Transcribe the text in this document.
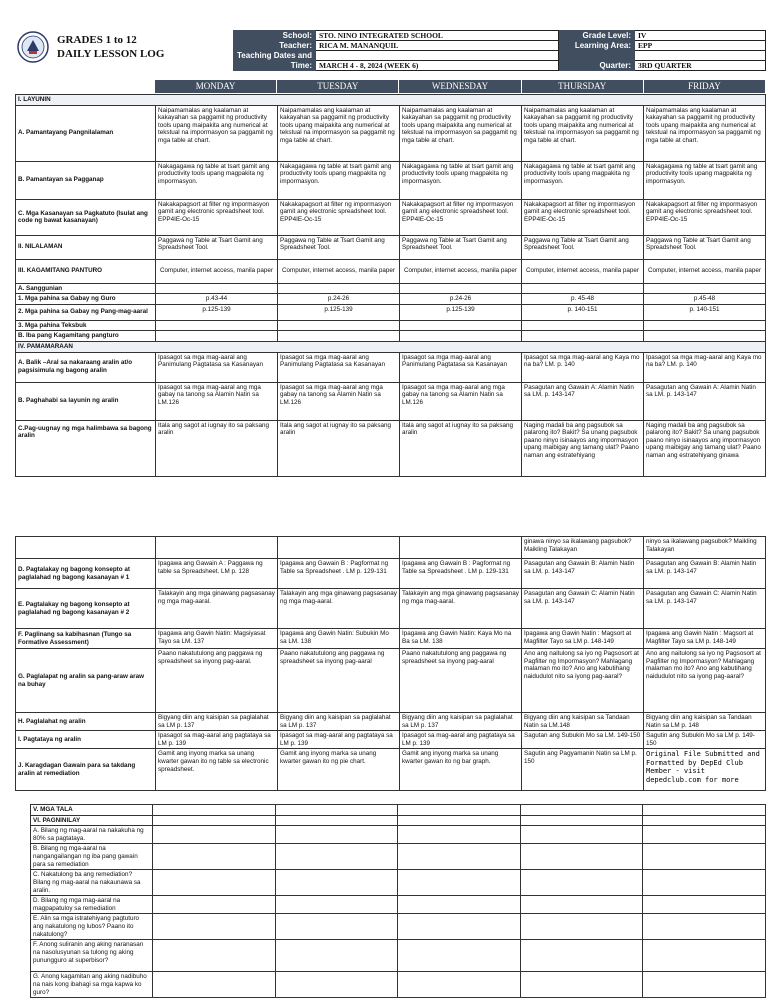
GRADES 1 to 12
DAILY LESSON LOG
School:	STO. NINO INTEGRATED SCHOOL
Teacher:	RICA M. MANANQUIL
Teaching Dates and	
Time:	MARCH 4 - 8, 2024 (WEEK 6)
Grade Level:	IV
Learning Area:	EPP

Quarter:	3RD QUARTER
MONDAY	TUESDAY	WEDNESDAY	THURSDAY	FRIDAY
I. LAYUNIN					
A. Pamantayang Pangnilalaman	Naipamamalas ang kaalaman at kakayahan sa paggamit ng productivity tools upang maipakita ang numerical at tekstual na impormasyon sa paggamit ng mga table at chart.	Naipamamalas ang kaalaman at kakayahan sa paggamit ng productivity tools upang maipakita ang numerical at tekstual na impormasyon sa paggamit ng mga table at chart.	Naipamamalas ang kaalaman at kakayahan sa paggamit ng productivity tools upang maipakita ang numerical at tekstual na impormasyon sa paggamit ng mga table at chart.	Naipamamalas ang kaalaman at kakayahan sa paggamit ng productivity tools upang maipakita ang numerical at tekstual na impormasyon sa paggamit ng mga table at chart.	Naipamamalas ang kaalaman at kakayahan sa paggamit ng productivity tools upang maipakita ang numerical at tekstual na impormasyon sa paggamit ng mga table at chart.
B. Pamantayan sa Pagganap	Nakagagawa ng table at tsart gamit ang productivity tools upang magpakita ng impormasyon.	Nakagagawa ng table at tsart gamit ang productivity tools upang magpakita ng impormasyon.	Nakagagawa ng table at tsart gamit ang productivity tools upang magpakita ng impormasyon.	Nakagagawa ng table at tsart gamit ang productivity tools upang magpakita ng impormasyon.	Nakagagawa ng table at tsart gamit ang productivity tools upang magpakita ng impormasyon.
C. Mga Kasanayan sa Pagkatuto (Isulat ang code ng bawat kasanayan)	Nakakapagsort at filter ng impormasyon gamit ang electronic spreadsheet tool. EPP4IE-Oc-15	Nakakapagsort at filter ng impormasyon gamit ang electronic spreadsheet tool. EPP4IE-Oc-15	Nakakapagsort at filter ng impormasyon gamit ang electronic spreadsheet tool. EPP4IE-Oc-15	Nakakapagsort at filter ng impormasyon gamit ang electronic spreadsheet tool. EPP4IE-Oc-15	Nakakapagsort at filter ng impormasyon gamit ang electronic spreadsheet tool. EPP4IE-Oc-15
II. NILALAMAN	Paggawa ng Table at Tsart Gamit ang Spreadsheet Tool.	Paggawa ng Table at Tsart Gamit ang Spreadsheet Tool.	Paggawa ng Table at Tsart Gamit ang Spreadsheet Tool.	Paggawa ng Table at Tsart Gamit ang Spreadsheet Tool.	Paggawa ng Table at Tsart Gamit ang Spreadsheet Tool.
III. KAGAMITANG PANTURO	Computer, internet access, manila paper	Computer, internet access, manila paper	Computer, internet access, manila paper	Computer, internet access, manila paper	Computer, internet access, manila paper
A. Sanggunian					
1. Mga pahina sa Gabay ng Guro	p.43-44	p.24-26	p.24-26	p. 45-48	p.45-48
2. Mga pahina sa Gabay ng Pang-mag-aaral	p.125-139	p.125-139	p.125-139	p. 140-151	p. 140-151
3. Mga pahina Teksbuk					
B. Iba pang Kagamitang pangturo					
IV. PAMAMARAAN					
A. Balik –Aral sa nakaraang aralin at/o pagsisimula ng bagong aralin	Ipasagot sa mga mag-aaral ang Panimulang Pagtatasa sa Kasanayan	Ipasagot sa mga mag-aaral ang Panimulang Pagtatasa sa Kasanayan	Ipasagot sa mga mag-aaral ang Panimulang Pagtatasa sa Kasanayan	Ipasagot sa mga mag-aaral ang Kaya mo na ba? LM. p. 140	Ipasagot sa mga mag-aaral ang Kaya mo na ba? LM. p. 140
B. Paghahabi sa layunin ng aralin	Ipasagot sa mga mag-aaral ang mga gabay na tanong sa Alamin Natin sa LM.126	Ipasagot sa mga mag-aaral ang mga gabay na tanong sa Alamin Natin sa LM.126	Ipasagot sa mga mag-aaral ang mga gabay na tanong sa Alamin Natin sa LM.126	Pasagutan ang Gawain A: Alamin Natin sa LM. p. 143-147	Pasagutan ang Gawain A: Alamin Natin sa LM. p. 143-147
C.Pag-uugnay ng mga halimbawa sa bagong aralin	Itala ang sagot at iugnay ito sa paksang aralin	Itala ang sagot at iugnay ito sa paksang aralin	Itala ang sagot at iugnay ito sa paksang aralin	Naging madali ba ang pagsubok sa palarong ito? Bakit? Sa unang pagsubok paano ninyo isinaayos ang impormasyon upang maibigay ang tamang ulat? Paano naman ang estratehiyang	Naging madali ba ang pagsubok sa palarong ito? Bakit? Sa unang pagsubok paano ninyo isinaayos ang impormasyon upang maibigay ang tamang ulat? Paano naman ang estratehiyang ginawa
				ginawa ninyo sa ikalawang pagsubok? Maikling Talakayan	ninyo sa ikalawang pagsubok? Maikling Talakayan
D. Pagtalakay ng bagong konsepto at paglalahad ng bagong kasanayan # 1	Ipagawa ang Gawain A : Paggawa ng table sa Spreadsheet. LM p. 128	Ipagawa ang Gawain B : Pagformat ng Table sa Spreadsheet . LM p. 129-131	Ipagawa ang Gawain B : Pagformat ng Table sa Spreadsheet . LM p. 129-131	Pasagutan ang Gawain B: Alamin Natin sa LM. p. 143-147	Pasagutan ang Gawain B: Alamin Natin sa LM. p. 143-147
E. Pagtalakay ng bagong konsepto at paglalahad ng bagong kasanayan # 2	Talakayin ang mga ginawang pagsasanay ng mga mag-aaral.	Talakayin ang mga ginawang pagsasanay ng mga mag-aaral.	Talakayin ang mga ginawang pagsasanay ng mga mag-aaral.	Pasagutan ang Gawain C: Alamin Natin sa LM. p. 143-147	Pasagutan ang Gawain C: Alamin Natin sa LM. p. 143-147
F. Paglinang sa kabihasnan (Tungo sa Formative Assessment)	Ipagawa ang Gawin Natin: Magsiyasat Tayo sa LM. 137	Ipagawa ang Gawin Natin: Subukin Mo sa LM. 138	Ipagawa ang Gawin Natin: Kaya Mo na Ba sa LM. 138	Ipagawa ang Gawin Natin : Magsort at Magfilter Tayo sa LM p. 148-149	Ipagawa ang Gawin Natin : Magsort at Magfilter Tayo sa LM p. 148-149
G. Paglalapat ng aralin sa pang-araw araw na buhay	Paano nakatutulong ang paggawa ng spreadsheet sa inyong pag-aaral.	Paano nakatutulong ang paggawa ng spreadsheet sa inyong pag-aaral	Paano nakatutulong ang paggawa ng spreadsheet sa inyong pag-aaral	Ano ang naitulong sa iyo ng Pagsosort at Pagfilter ng Impormasyon? Mahlagang malaman mo ito? Ano ang kabutihang naidudulot nito sa iyong pag-aaral?	Ano ang naitulong sa iyo ng Pagsosort at Pagfilter ng Impormasyon? Mahlagang malaman mo ito? Ano ang kabutihang naidudulot nito sa iyong pag-aaral?
H. Paglalahat ng aralin	Bigyang diin ang kaisipan sa paglalahat sa LM p. 137	Bigyang diin ang kaisipan sa paglalahat sa LM p. 137	Bigyang diin ang kaisipan sa paglalahat sa LM p. 137	Bigyang diin ang kaisipan sa Tandaan Natin sa LM.148	Bigyang diin ang kaisipan sa Tandaan Natin sa LM p. 148
I. Pagtataya ng aralin	Ipasagot sa mag-aaral ang pagtataya sa LM p. 139	Ipasagot sa mag-aaral ang pagtataya sa LM p. 139	Ipasagot sa mag-aaral ang pagtataya sa LM p. 139	Sagutan ang Subukin Mo sa LM. 149-150	Sagutin ang Subukin Mo sa LM p. 149-150
J. Karagdagan Gawain para sa takdang aralin at remediation	Gamit ang inyong marka sa unang kwarter gawan ito ng table sa electronic spreadsheet.	Gamit ang inyong marka sa unang kwarter gawan ito ng pie chart.	Gamit ang inyong marka sa unang kwarter gawan ito ng bar graph.	Sagutin ang Pagyamanin Natin sa LM p. 150	Original File Submitted and Formatted by DepEd Club Member - visit depedclub.com for more
V. MGA TALA					
VI. PAGNINILAY					
A. Bilang ng mag-aaral na nakakuha ng 80% sa pagtataya.					
B. Bilang ng mga-aaral na nangangailangan ng iba pang gawain para sa remediation					
C. Nakatulong ba ang remediation? Bilang ng mag-aaral na nakaunawa sa aralin.					
D. Bilang ng mga mag-aaral na magpapatuloy sa remediation					
E. Alin sa mga istratehiyang pagtuturo ang nakatulong ng lubos? Paano ito nakatulong?					
F. Anong suliranin ang aking naranasan na nasolusyunan sa tulong ng aking punungguro at superbisor?					
G. Anong kagamitan ang aking nadibuho na nais kong ibahagi sa mga kapwa ko guro?					
